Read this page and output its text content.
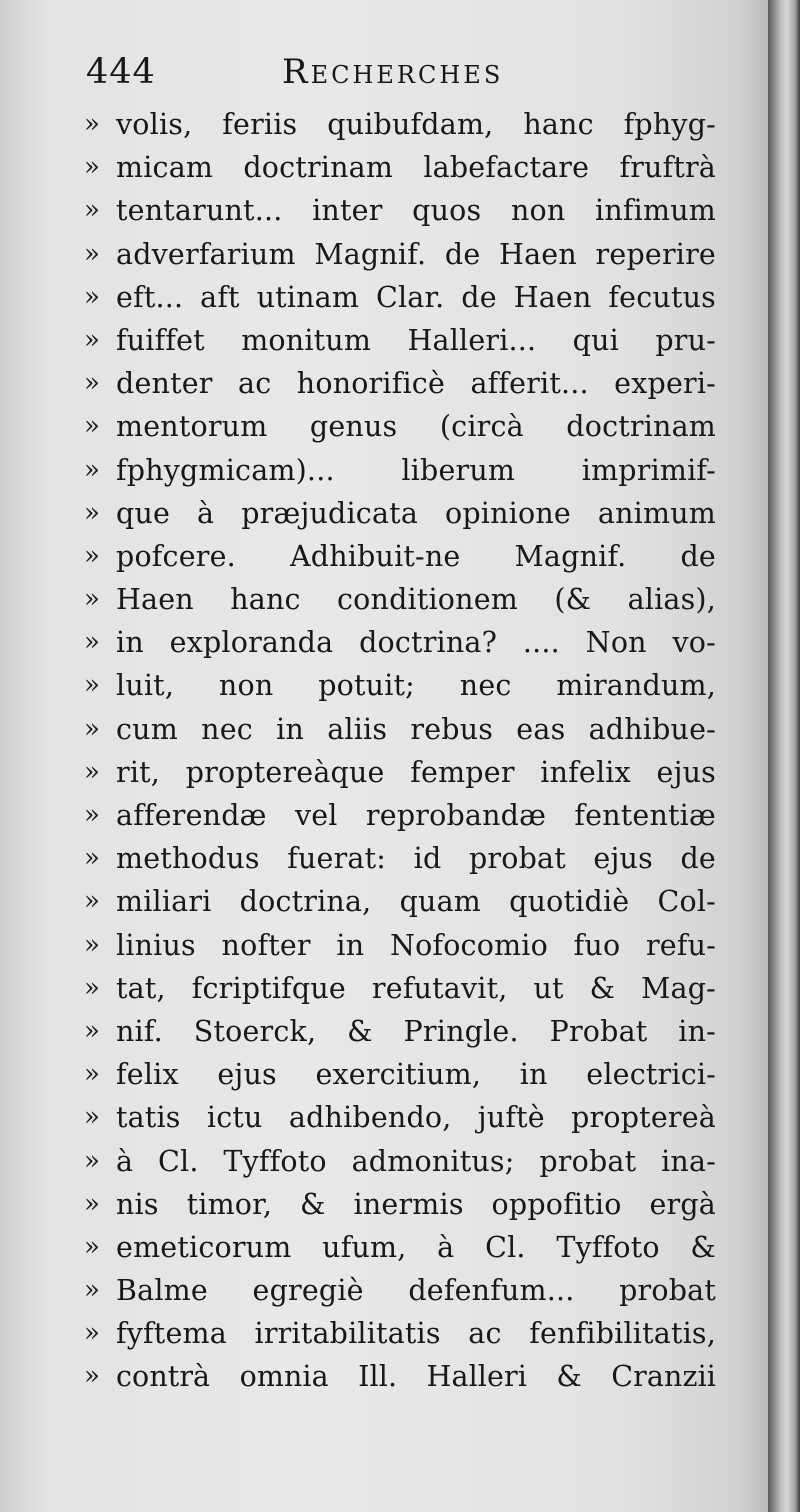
444	Recherches
» volis, feriis quibufdam, hanc fphyg-
» micam doctrinam labefactare fruftrà
» tentarunt... inter quos non infimum
» adverfarium Magnif. de Haen reperire
» eft... aft utinam Clar. de Haen fecutus
» fuiffet monitum Halleri... qui pru-
» denter ac honorificè afferit... experi-
» mentorum genus (circà doctrinam
» fphygmicam)... liberum imprimif-
» que à præjudicata opinione animum
» pofcere. Adhibuit-ne Magnif. de
» Haen hanc conditionem (& alias),
» in exploranda doctrina? .... Non vo-
» luit, non potuit; nec mirandum,
» cum nec in aliis rebus eas adhibue-
» rit, proptereàque femper infelix ejus
» afferendæ vel reprobandæ fententiæ
» methodus fuerat: id probat ejus de
» miliari doctrina, quam quotidiè Col-
» linius nofter in Nofocomio fuo refu-
» tat, fcriptifque refutavit, ut & Mag-
» nif. Stoerck, & Pringle. Probat in-
» felix ejus exercitium, in electrici-
» tatis ictu adhibendo, juftè proptereà
» à Cl. Tyffoto admonitus; probat ina-
» nis timor, & inermis oppofitio ergà
» emeticorum ufum, à Cl. Tyffoto &
» Balme egregiè defenfum... probat
» fyftema irritabilitatis ac fenfibilitatis,
» contrà omnia Ill. Halleri & Cranzii
